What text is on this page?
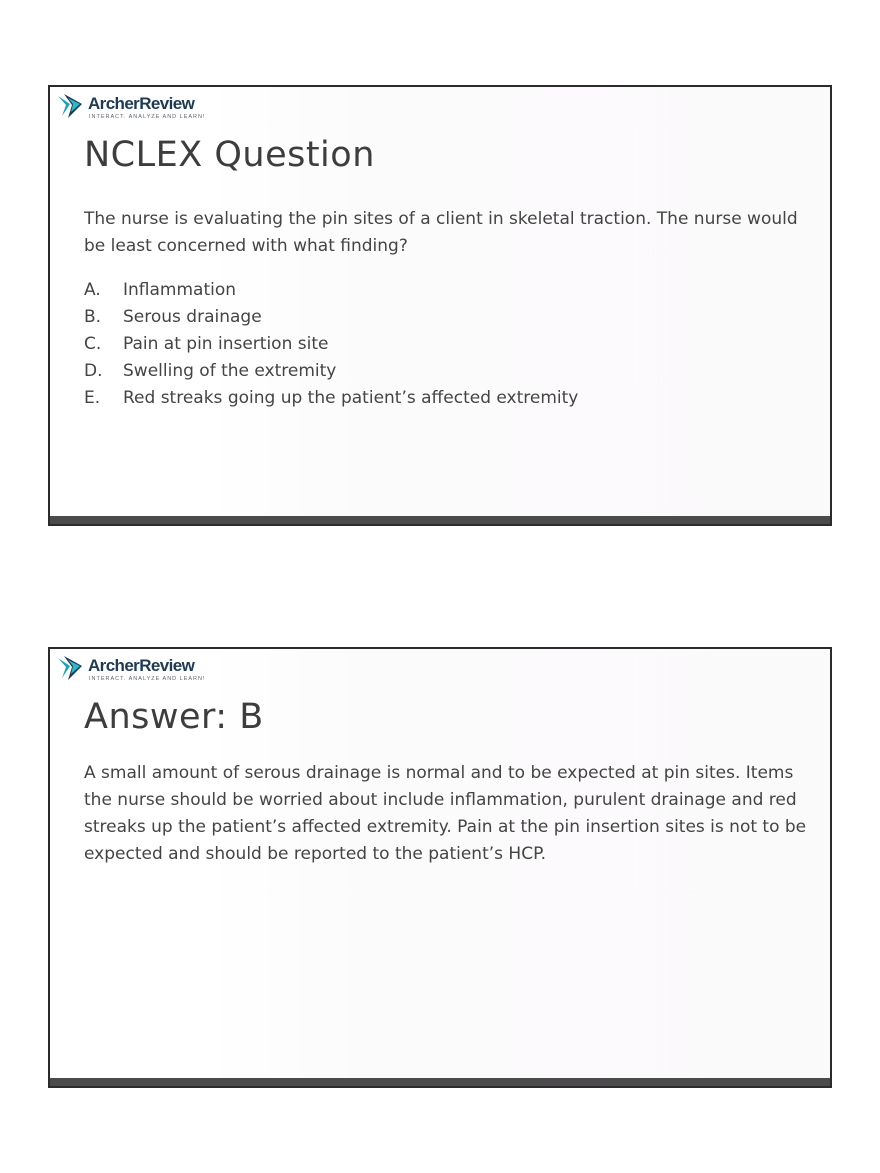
ArcherReview
INTERACT. ANALYZE AND LEARN!
NCLEX Question
The nurse is evaluating the pin sites of a client in skeletal traction. The nurse would be least concerned with what finding?
A.	Inflammation
B.	Serous drainage
C.	Pain at pin insertion site
D.	Swelling of the extremity
E.	Red streaks going up the patient’s affected extremity
ArcherReview
INTERACT. ANALYZE AND LEARN!
Answer: B
A small amount of serous drainage is normal and to be expected at pin sites. Items the nurse should be worried about include inflammation, purulent drainage and red streaks up the patient’s affected extremity. Pain at the pin insertion sites is not to be expected and should be reported to the patient’s HCP.
